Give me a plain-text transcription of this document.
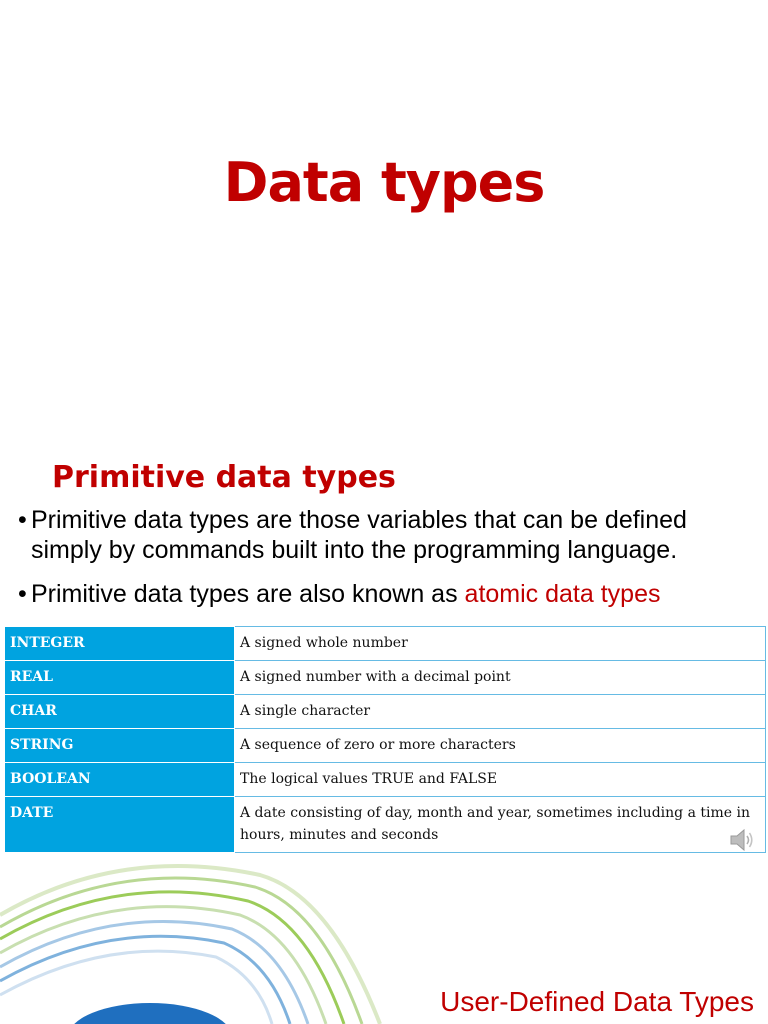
Data types
Primitive data types
• Primitive data types are those variables that can be defined simply by commands built into the programming language.
• Primitive data types are also known as atomic data types
INTEGER	A signed whole number
REAL	A signed number with a decimal point
CHAR	A single character
STRING	A sequence of zero or more characters
BOOLEAN	The logical values TRUE and FALSE
DATE	A date consisting of day, month and year, sometimes including a time in hours, minutes and seconds
User-Defined Data Types
